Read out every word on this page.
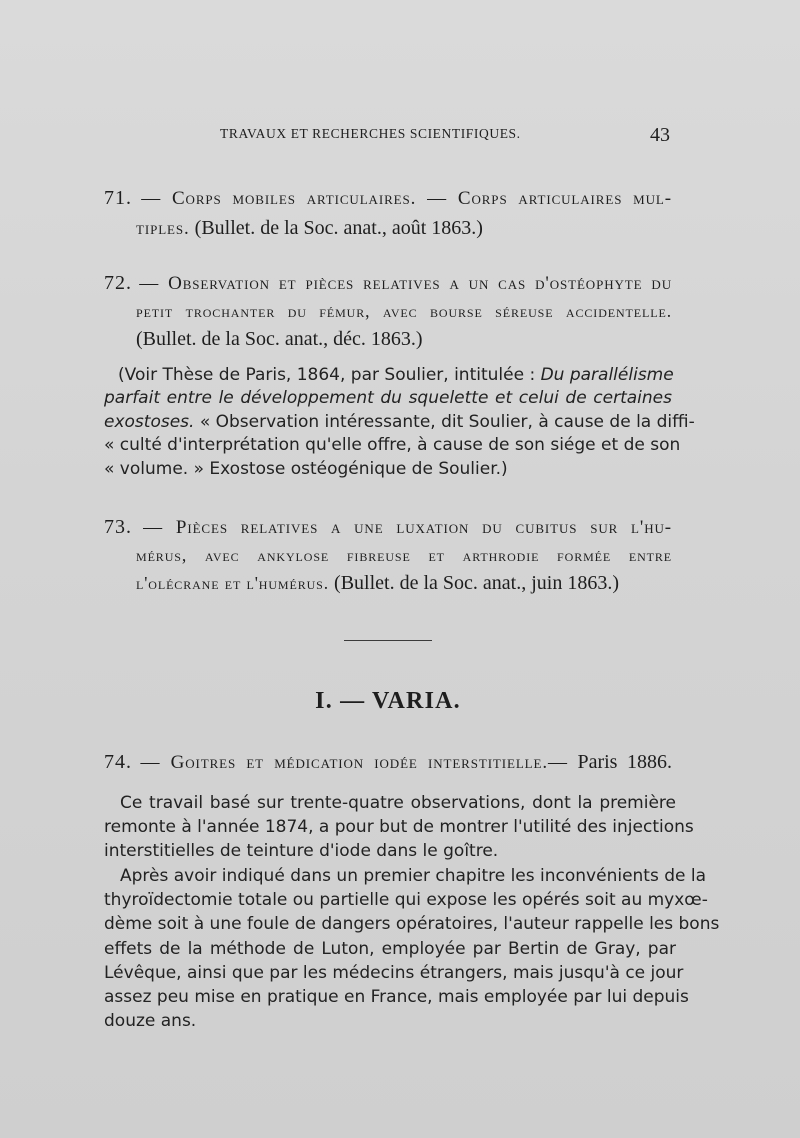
TRAVAUX ET RECHERCHES SCIENTIFIQUES.	43
71. — Corps mobiles articulaires. — Corps articulaires mul-
tiples. (Bullet. de la Soc. anat., août 1863.)
72. — Observation et pièces relatives a un cas d'ostéophyte du
petit trochanter du fémur, avec bourse séreuse accidentelle.
(Bullet. de la Soc. anat., déc. 1863.)
(Voir Thèse de Paris, 1864, par Soulier, intitulée : Du parallélisme
parfait entre le développement du squelette et celui de certaines
exostoses. « Observation intéressante, dit Soulier, à cause de la diffi-
« culté d'interprétation qu'elle offre, à cause de son siége et de son
« volume. » Exostose ostéogénique de Soulier.)
73. — Pièces relatives a une luxation du cubitus sur l'hu-
mérus, avec ankylose fibreuse et arthrodie formée entre
l'olécrane et l'humérus. (Bullet. de la Soc. anat., juin 1863.)
I. — VARIA.
74. — Goitres et médication iodée interstitielle.— Paris 1886.
Ce travail basé sur trente-quatre observations, dont la première
remonte à l'année 1874, a pour but de montrer l'utilité des injections
interstitielles de teinture d'iode dans le goître.
Après avoir indiqué dans un premier chapitre les inconvénients de la
thyroïdectomie totale ou partielle qui expose les opérés soit au myxœ-
dème soit à une foule de dangers opératoires, l'auteur rappelle les bons
effets de la méthode de Luton, employée par Bertin de Gray, par
Lévêque, ainsi que par les médecins étrangers, mais jusqu'à ce jour
assez peu mise en pratique en France, mais employée par lui depuis
douze ans.
